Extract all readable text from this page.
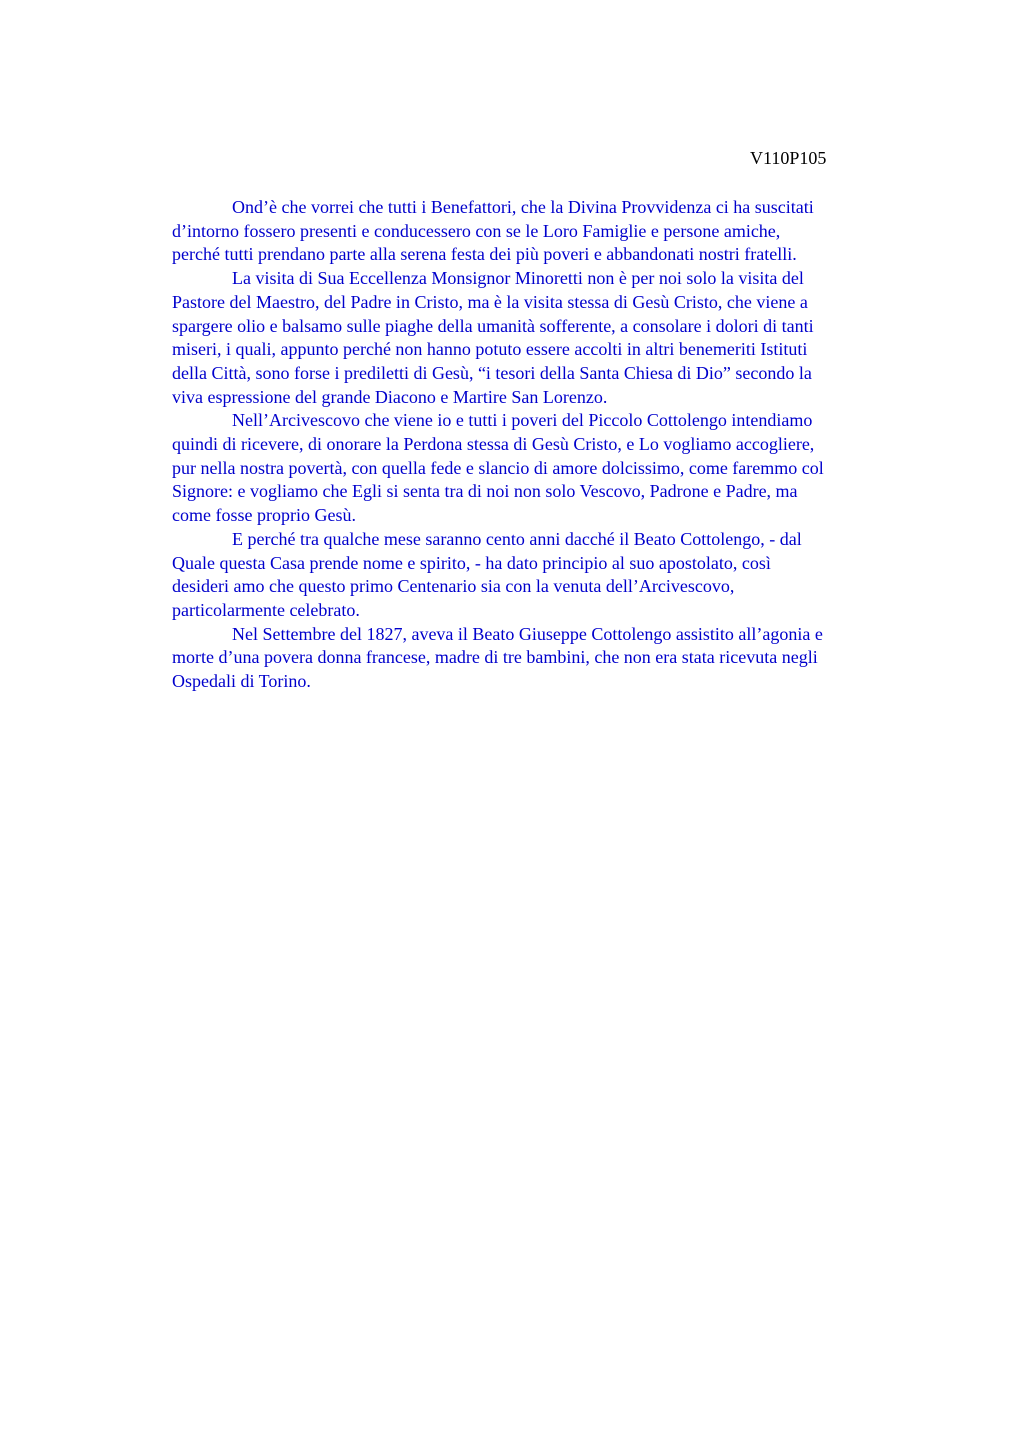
V110P105

Ond’è che vorrei che tutti i Benefattori, che la Divina Provvidenza ci ha suscitati
d’intorno fossero presenti e conducessero con se le Loro Famiglie e persone amiche,
perché tutti prendano parte alla serena festa dei più poveri e abbandonati nostri fratelli.

La visita di Sua Eccellenza Monsignor Minoretti non è per noi solo la visita del
Pastore del Maestro, del Padre in Cristo, ma è la visita stessa di Gesù Cristo, che viene a
spargere olio e balsamo sulle piaghe della umanità sofferente, a consolare i dolori di tanti
miseri, i quali, appunto perché non hanno potuto essere accolti in altri benemeriti Istituti
della Città, sono forse i prediletti di Gesù, “i tesori della Santa Chiesa di Dio” secondo la
viva espressione del grande Diacono e Martire San Lorenzo.

Nell’Arcivescovo che viene io e tutti i poveri del Piccolo Cottolengo intendiamo
quindi di ricevere, di onorare la Perdona stessa di Gesù Cristo, e Lo vogliamo accogliere,
pur nella nostra povertà, con quella fede e slancio di amore dolcissimo, come faremmo col
Signore: e vogliamo che Egli si senta tra di noi non solo Vescovo, Padrone e Padre, ma
come fosse proprio Gesù.

E perché tra qualche mese saranno cento anni dacché il Beato Cottolengo, - dal
Quale questa Casa prende nome e spirito, - ha dato principio al suo apostolato, così
desideri amo che questo primo Centenario sia con la venuta dell’Arcivescovo,
particolarmente celebrato.

Nel Settembre del 1827, aveva il Beato Giuseppe Cottolengo assistito all’agonia e
morte d’una povera donna francese, madre di tre bambini, che non era stata ricevuta negli
Ospedali di Torino.
